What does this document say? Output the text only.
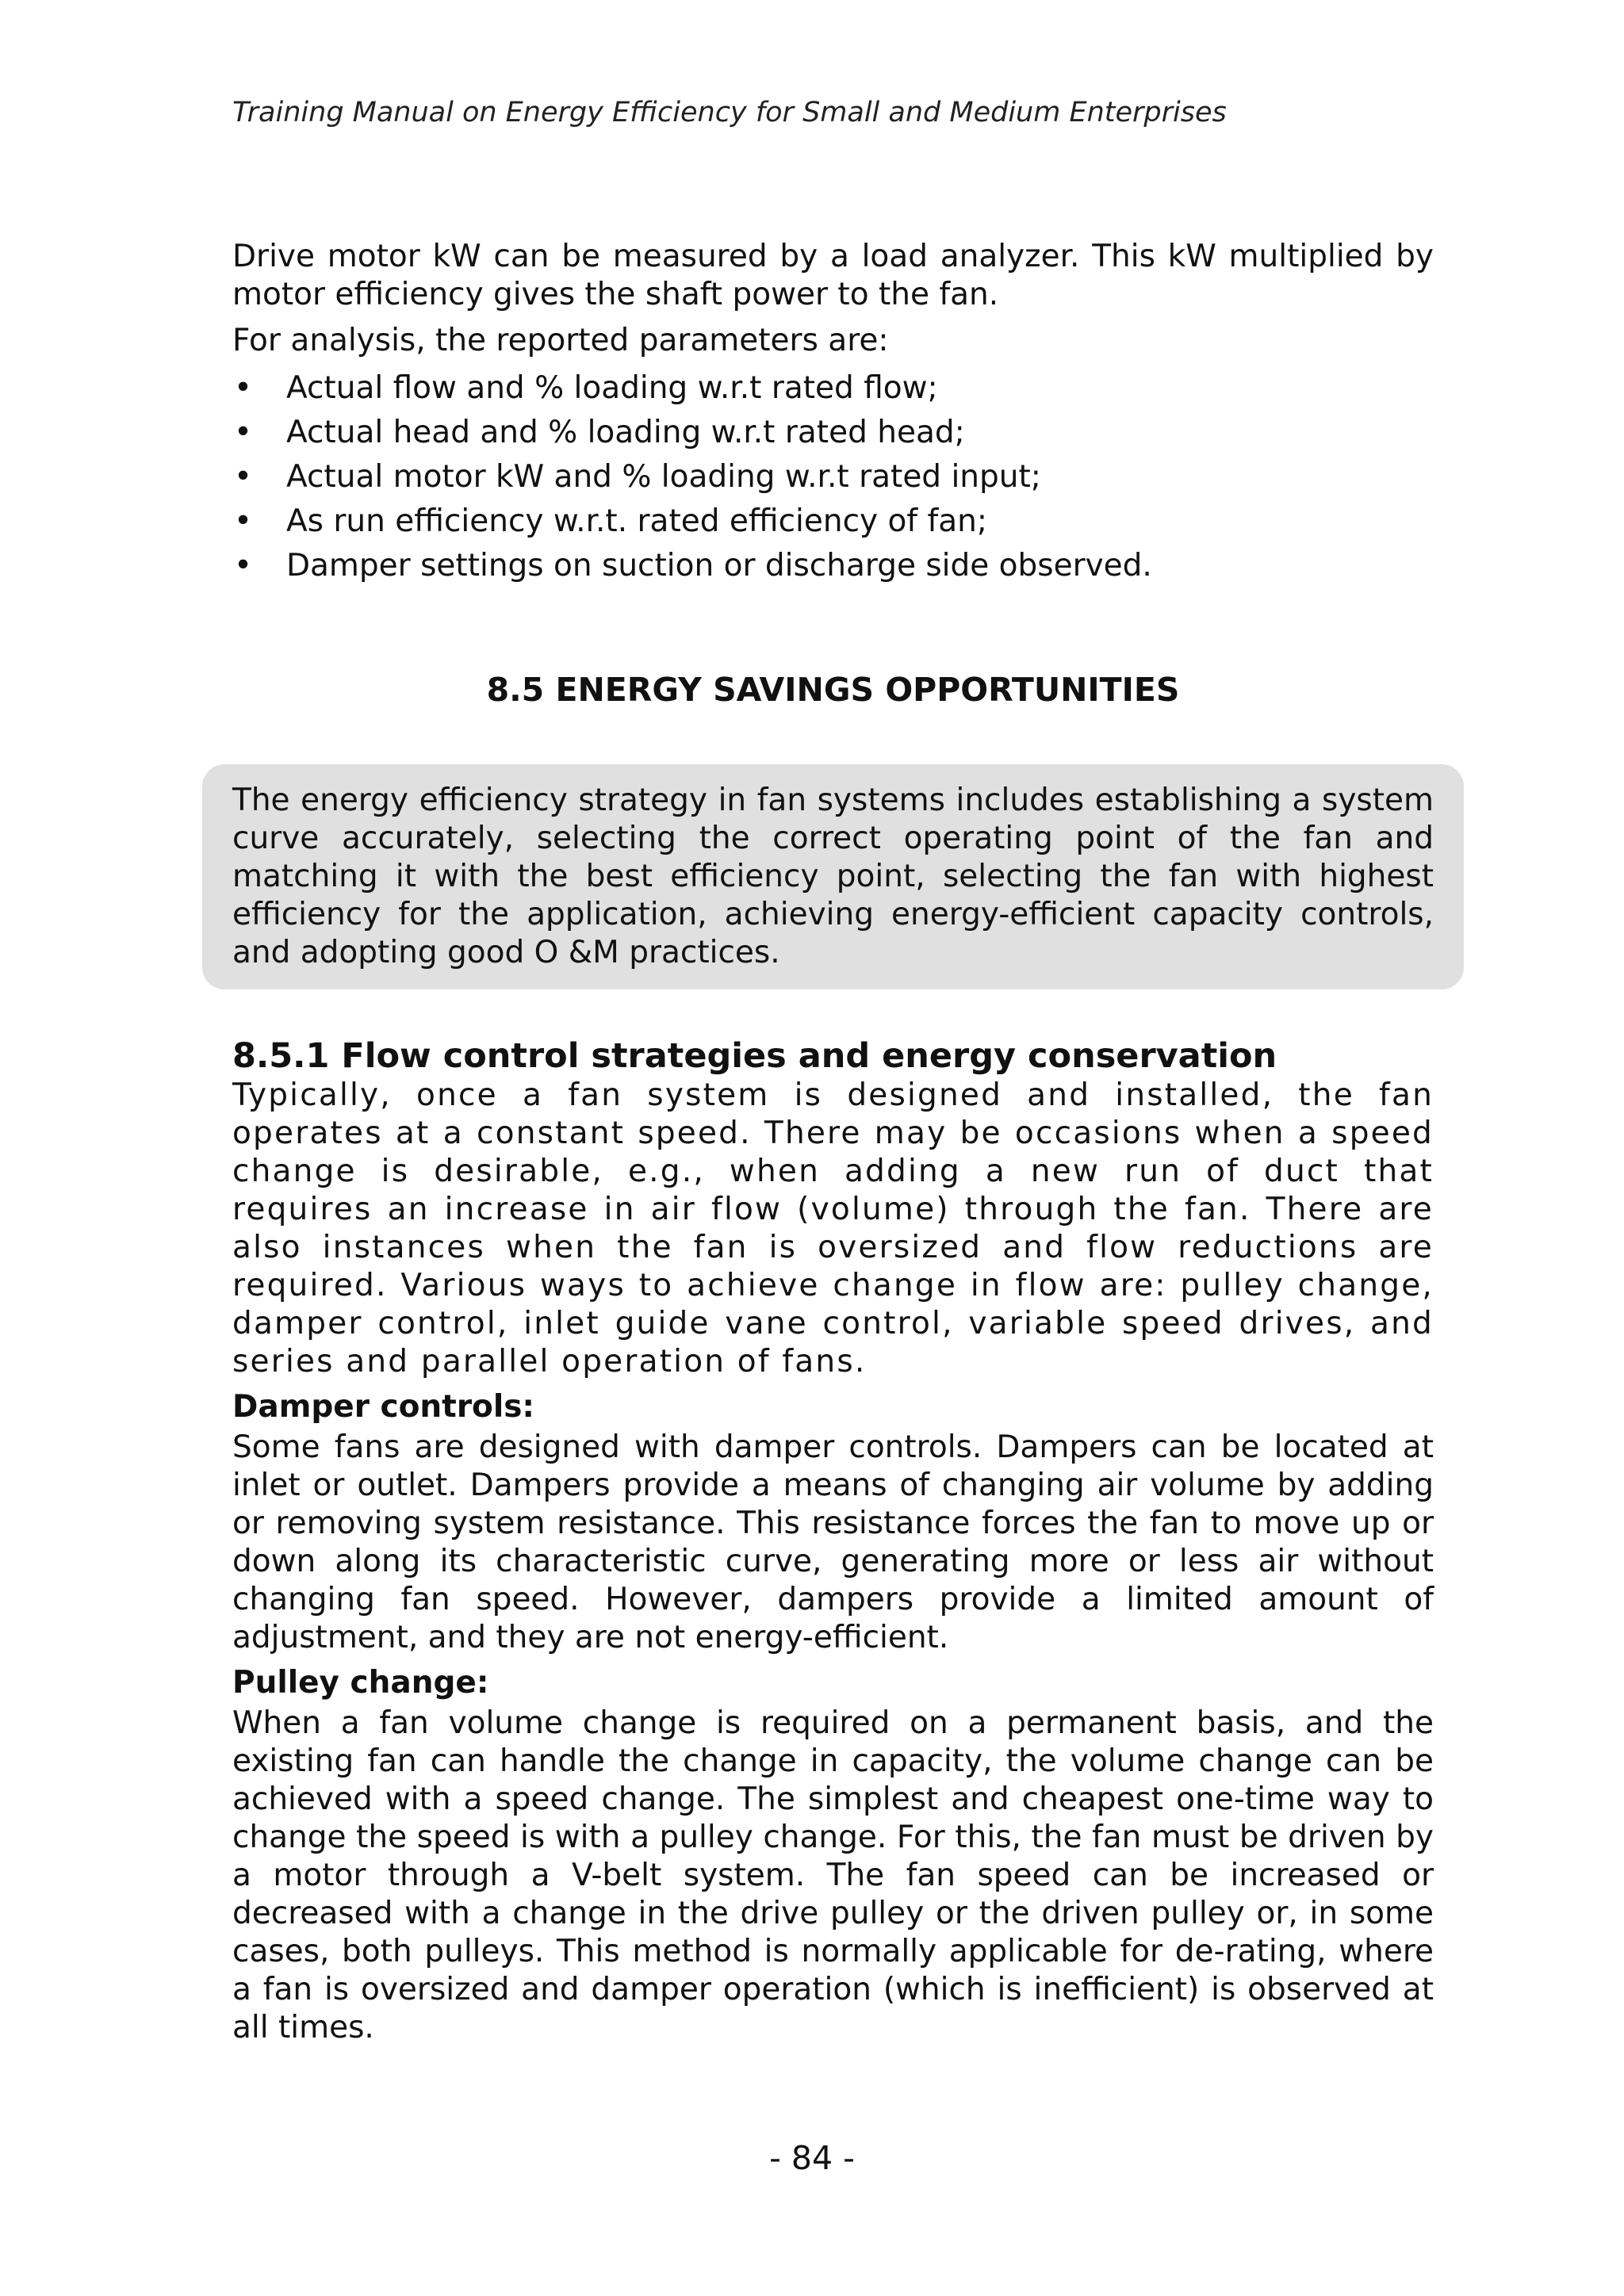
Training Manual on Energy Efficiency for Small and Medium Enterprises

Drive motor kW can be measured by a load analyzer. This kW multiplied by motor efficiency gives the shaft power to the fan.

For analysis, the reported parameters are:

• Actual flow and % loading w.r.t rated flow;
• Actual head and % loading w.r.t rated head;
• Actual motor kW and % loading w.r.t rated input;
• As run efficiency w.r.t. rated efficiency of fan;
• Damper settings on suction or discharge side observed.
8.5 ENERGY SAVINGS OPPORTUNITIES

The energy efficiency strategy in fan systems includes establishing a system curve accurately, selecting the correct operating point of the fan and matching it with the best efficiency point, selecting the fan with highest efficiency for the application, achieving energy-efficient capacity controls, and adopting good O &M practices.

8.5.1 Flow control strategies and energy conservation

Typically, once a fan system is designed and installed, the fan operates at a constant speed. There may be occasions when a speed change is desirable, e.g., when adding a new run of duct that requires an increase in air flow (volume) through the fan. There are also instances when the fan is oversized and flow reductions are required. Various ways to achieve change in flow are: pulley change, damper control, inlet guide vane control, variable speed drives, and series and parallel operation of fans.

Damper controls:

Some fans are designed with damper controls. Dampers can be located at inlet or outlet. Dampers provide a means of changing air volume by adding or removing system resistance. This resistance forces the fan to move up or down along its characteristic curve, generating more or less air without changing fan speed. However, dampers provide a limited amount of adjustment, and they are not energy-efficient.

Pulley change:

When a fan volume change is required on a permanent basis, and the existing fan can handle the change in capacity, the volume change can be achieved with a speed change. The simplest and cheapest one-time way to change the speed is with a pulley change. For this, the fan must be driven by a motor through a V-belt system. The fan speed can be increased or decreased with a change in the drive pulley or the driven pulley or, in some cases, both pulleys. This method is normally applicable for de-rating, where a fan is oversized and damper operation (which is inefficient) is observed at all times.

- 84 -
